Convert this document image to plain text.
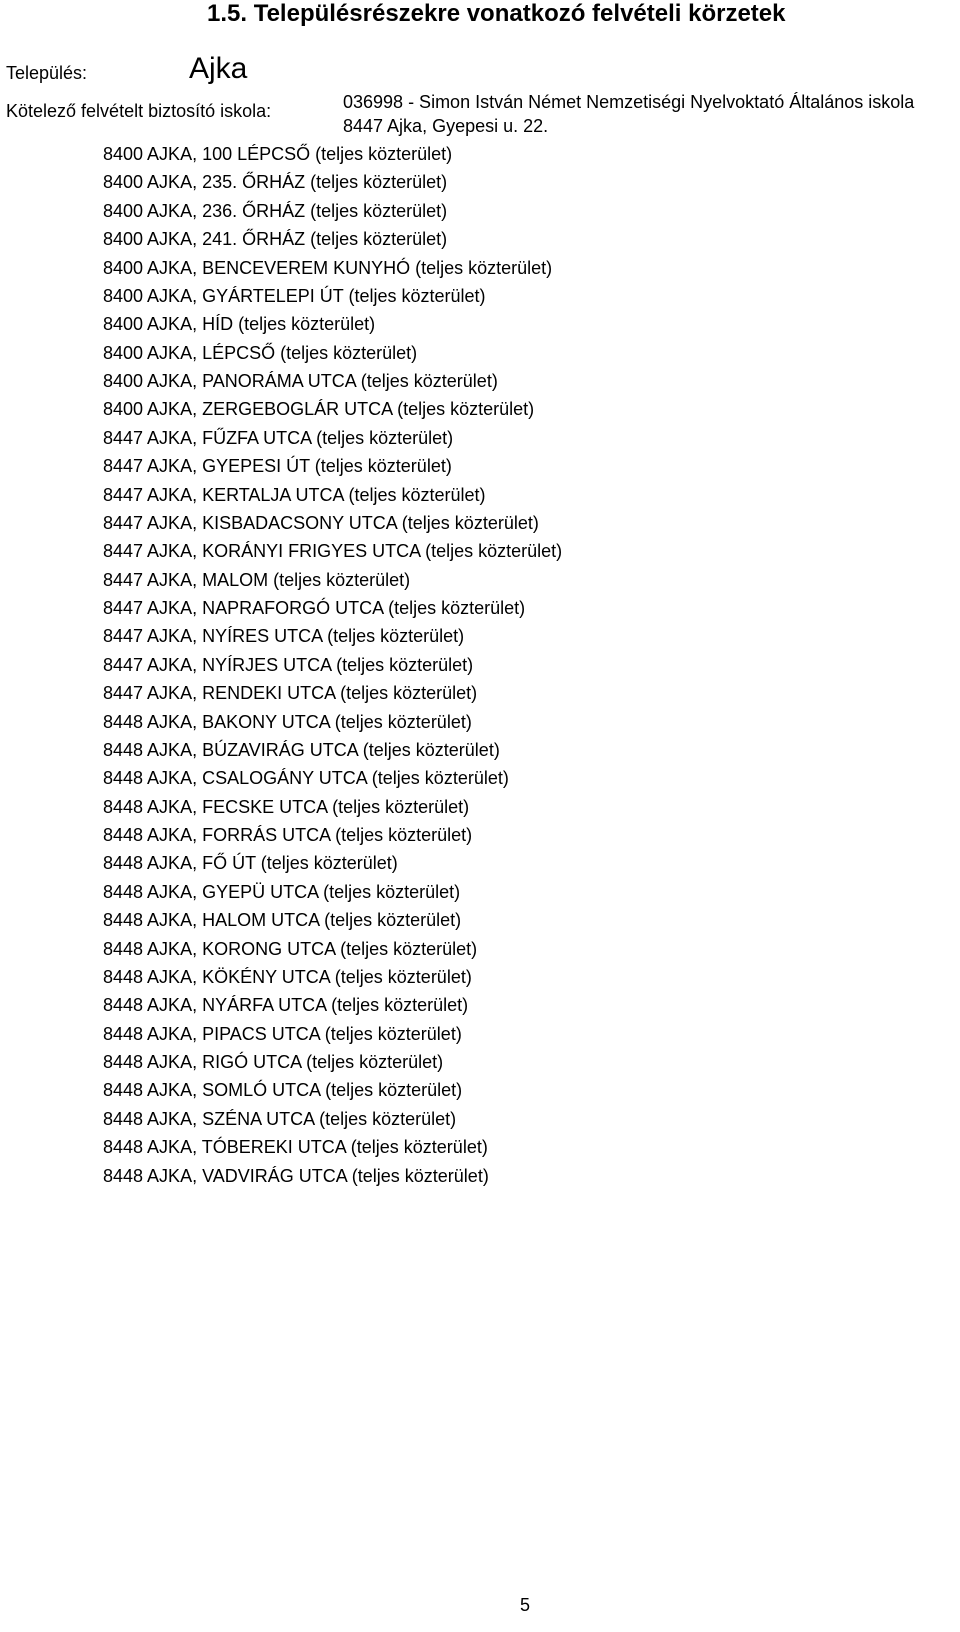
1.5. Településrészekre vonatkozó felvételi körzetek
Település:	Ajka
Kötelező felvételt biztosító iskola:	036998 - Simon István Német Nemzetiségi Nyelvoktató Általános iskola
8447 Ajka, Gyepesi u. 22.
8400 AJKA, 100 LÉPCSŐ (teljes közterület)
8400 AJKA, 235. ŐRHÁZ (teljes közterület)
8400 AJKA, 236. ŐRHÁZ (teljes közterület)
8400 AJKA, 241. ŐRHÁZ (teljes közterület)
8400 AJKA, BENCEVEREM KUNYHÓ (teljes közterület)
8400 AJKA, GYÁRTELEPI ÚT (teljes közterület)
8400 AJKA, HÍD (teljes közterület)
8400 AJKA, LÉPCSŐ (teljes közterület)
8400 AJKA, PANORÁMA UTCA (teljes közterület)
8400 AJKA, ZERGEBOGLÁR UTCA (teljes közterület)
8447 AJKA, FŰZFA UTCA (teljes közterület)
8447 AJKA, GYEPESI ÚT (teljes közterület)
8447 AJKA, KERTALJA UTCA (teljes közterület)
8447 AJKA, KISBADACSONY UTCA (teljes közterület)
8447 AJKA, KORÁNYI FRIGYES UTCA (teljes közterület)
8447 AJKA, MALOM (teljes közterület)
8447 AJKA, NAPRAFORGÓ UTCA (teljes közterület)
8447 AJKA, NYÍRES UTCA (teljes közterület)
8447 AJKA, NYÍRJES UTCA (teljes közterület)
8447 AJKA, RENDEKI UTCA (teljes közterület)
8448 AJKA, BAKONY UTCA (teljes közterület)
8448 AJKA, BÚZAVIRÁG UTCA (teljes közterület)
8448 AJKA, CSALOGÁNY UTCA (teljes közterület)
8448 AJKA, FECSKE UTCA (teljes közterület)
8448 AJKA, FORRÁS UTCA (teljes közterület)
8448 AJKA, FŐ ÚT (teljes közterület)
8448 AJKA, GYEPÜ UTCA (teljes közterület)
8448 AJKA, HALOM UTCA (teljes közterület)
8448 AJKA, KORONG UTCA (teljes közterület)
8448 AJKA, KÖKÉNY UTCA (teljes közterület)
8448 AJKA, NYÁRFA UTCA (teljes közterület)
8448 AJKA, PIPACS UTCA (teljes közterület)
8448 AJKA, RIGÓ UTCA (teljes közterület)
8448 AJKA, SOMLÓ UTCA (teljes közterület)
8448 AJKA, SZÉNA UTCA (teljes közterület)
8448 AJKA, TÓBEREKI UTCA (teljes közterület)
8448 AJKA, VADVIRÁG UTCA (teljes közterület)
5
